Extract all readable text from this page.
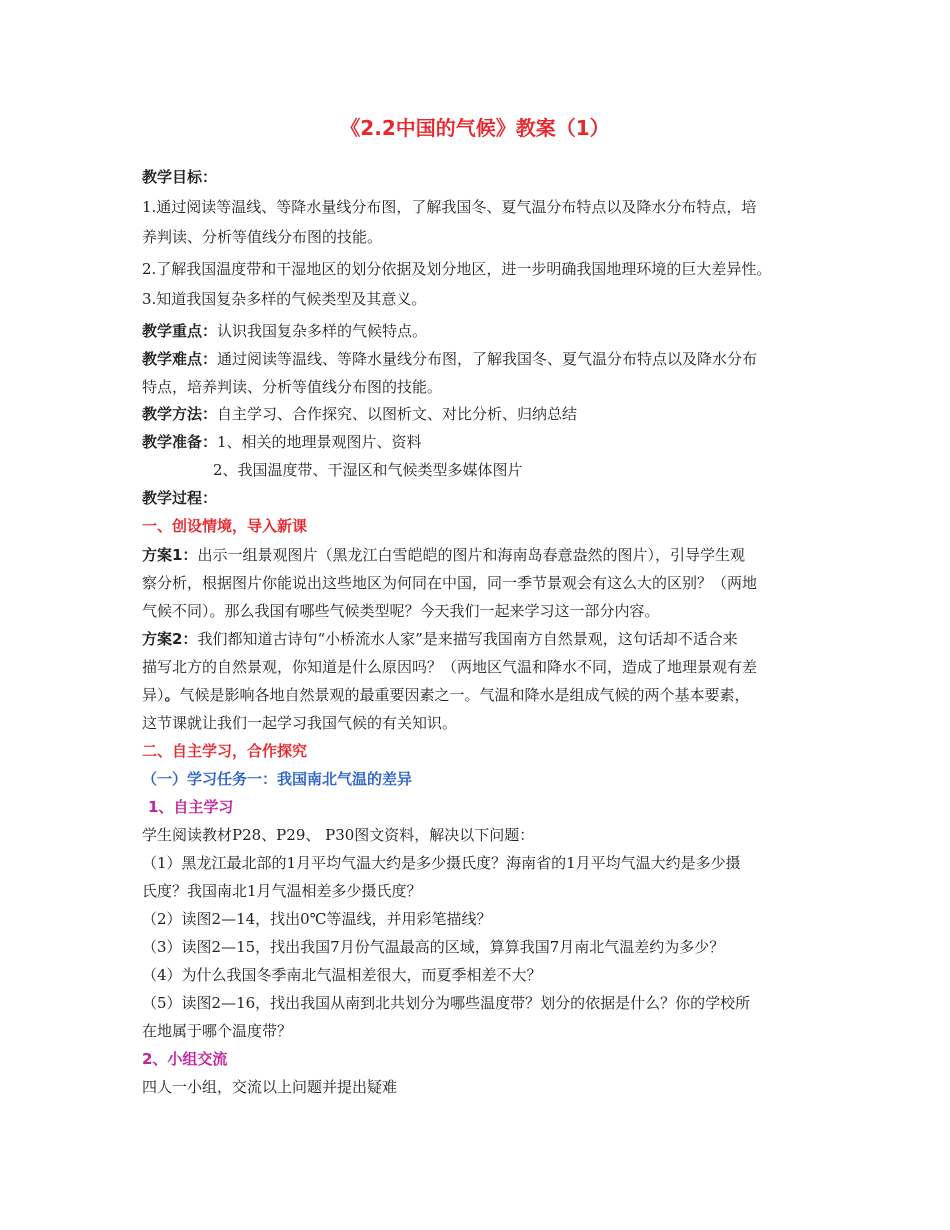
《2.2中国的气候》教案（1）
教学目标：
1.通过阅读等温线、等降水量线分布图，了解我国冬、夏气温分布特点以及降水分布特点，培
养判读、分析等值线分布图的技能。
2.了解我国温度带和干湿地区的划分依据及划分地区，进一步明确我国地理环境的巨大差异性。
3.知道我国复杂多样的气候类型及其意义。
教学重点：认识我国复杂多样的气候特点。
教学难点：通过阅读等温线、等降水量线分布图，了解我国冬、夏气温分布特点以及降水分布
特点，培养判读、分析等值线分布图的技能。
教学方法：自主学习、合作探究、以图析文、对比分析、归纳总结
教学准备：1、相关的地理景观图片、资料
2、我国温度带、干湿区和气候类型多媒体图片
教学过程：
一、创设情境，导入新课
方案1：出示一组景观图片（黑龙江白雪皑皑的图片和海南岛春意盎然的图片），引导学生观
察分析，根据图片你能说出这些地区为何同在中国，同一季节景观会有这么大的区别？（两地
气候不同）。那么我国有哪些气候类型呢？今天我们一起来学习这一部分内容。
方案2：我们都知道古诗句“小桥流水人家”是来描写我国南方自然景观，这句话却不适合来
描写北方的自然景观，你知道是什么原因吗？（两地区气温和降水不同，造成了地理景观有差
异）。气候是影响各地自然景观的最重要因素之一。气温和降水是组成气候的两个基本要素，
这节课就让我们一起学习我国气候的有关知识。
二、自主学习，合作探究
（一）学习任务一：我国南北气温的差异
1、自主学习
学生阅读教材P28、P29、 P30图文资料，解决以下问题：
（1）黑龙江最北部的1月平均气温大约是多少摄氏度？海南省的1月平均气温大约是多少摄
氏度？我国南北1月气温相差多少摄氏度？
（2）读图2—14，找出0℃等温线，并用彩笔描线？
（3）读图2—15，找出我国7月份气温最高的区域，算算我国7月南北气温差约为多少？
（4）为什么我国冬季南北气温相差很大，而夏季相差不大？
（5）读图2—16，找出我国从南到北共划分为哪些温度带？划分的依据是什么？你的学校所
在地属于哪个温度带？
2、小组交流
四人一小组，交流以上问题并提出疑难
